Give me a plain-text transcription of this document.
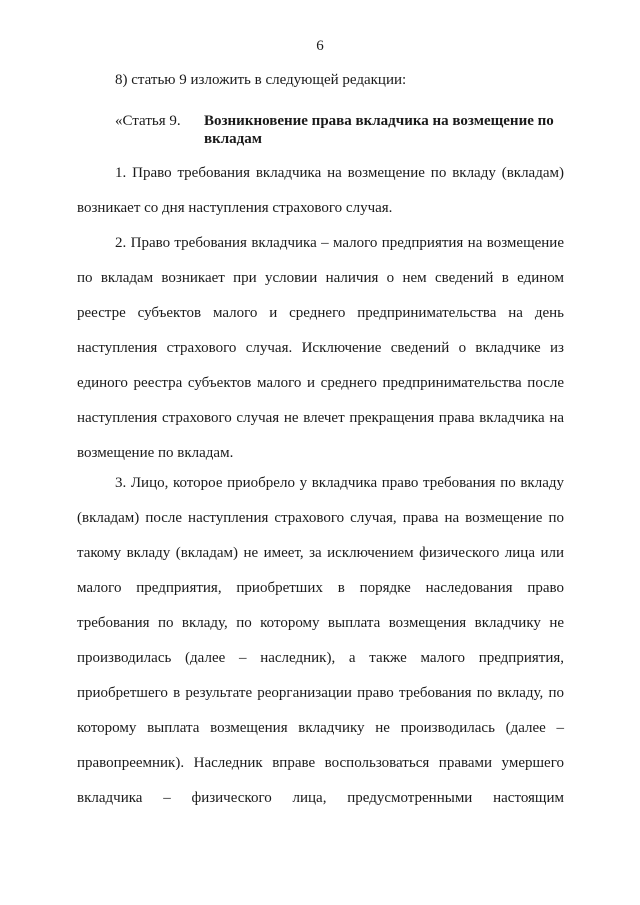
6
8) статью 9 изложить в следующей редакции:
«Статья 9. Возникновение права вкладчика на возмещение по вкладам
1. Право требования вкладчика на возмещение по вкладу (вкладам)
возникает со дня наступления страхового случая.
2. Право требования вкладчика – малого предприятия на возмещение
по вкладам возникает при условии наличия о нем сведений в едином
реестре субъектов малого и среднего предпринимательства на день
наступления страхового случая. Исключение сведений о вкладчике из
единого реестра субъектов малого и среднего предпринимательства после
наступления страхового случая не влечет прекращения права вкладчика на
возмещение по вкладам.
3. Лицо, которое приобрело у вкладчика право требования по вкладу
(вкладам) после наступления страхового случая, права на возмещение по
такому вкладу (вкладам) не имеет, за исключением физического лица или
малого предприятия, приобретших в порядке наследования право
требования по вкладу, по которому выплата возмещения вкладчику не
производилась (далее – наследник), а также малого предприятия,
приобретшего в результате реорганизации право требования по вкладу, по
которому выплата возмещения вкладчику не производилась (далее –
правопреемник). Наследник вправе воспользоваться правами умершего
вкладчика – физического лица, предусмотренными настоящим
